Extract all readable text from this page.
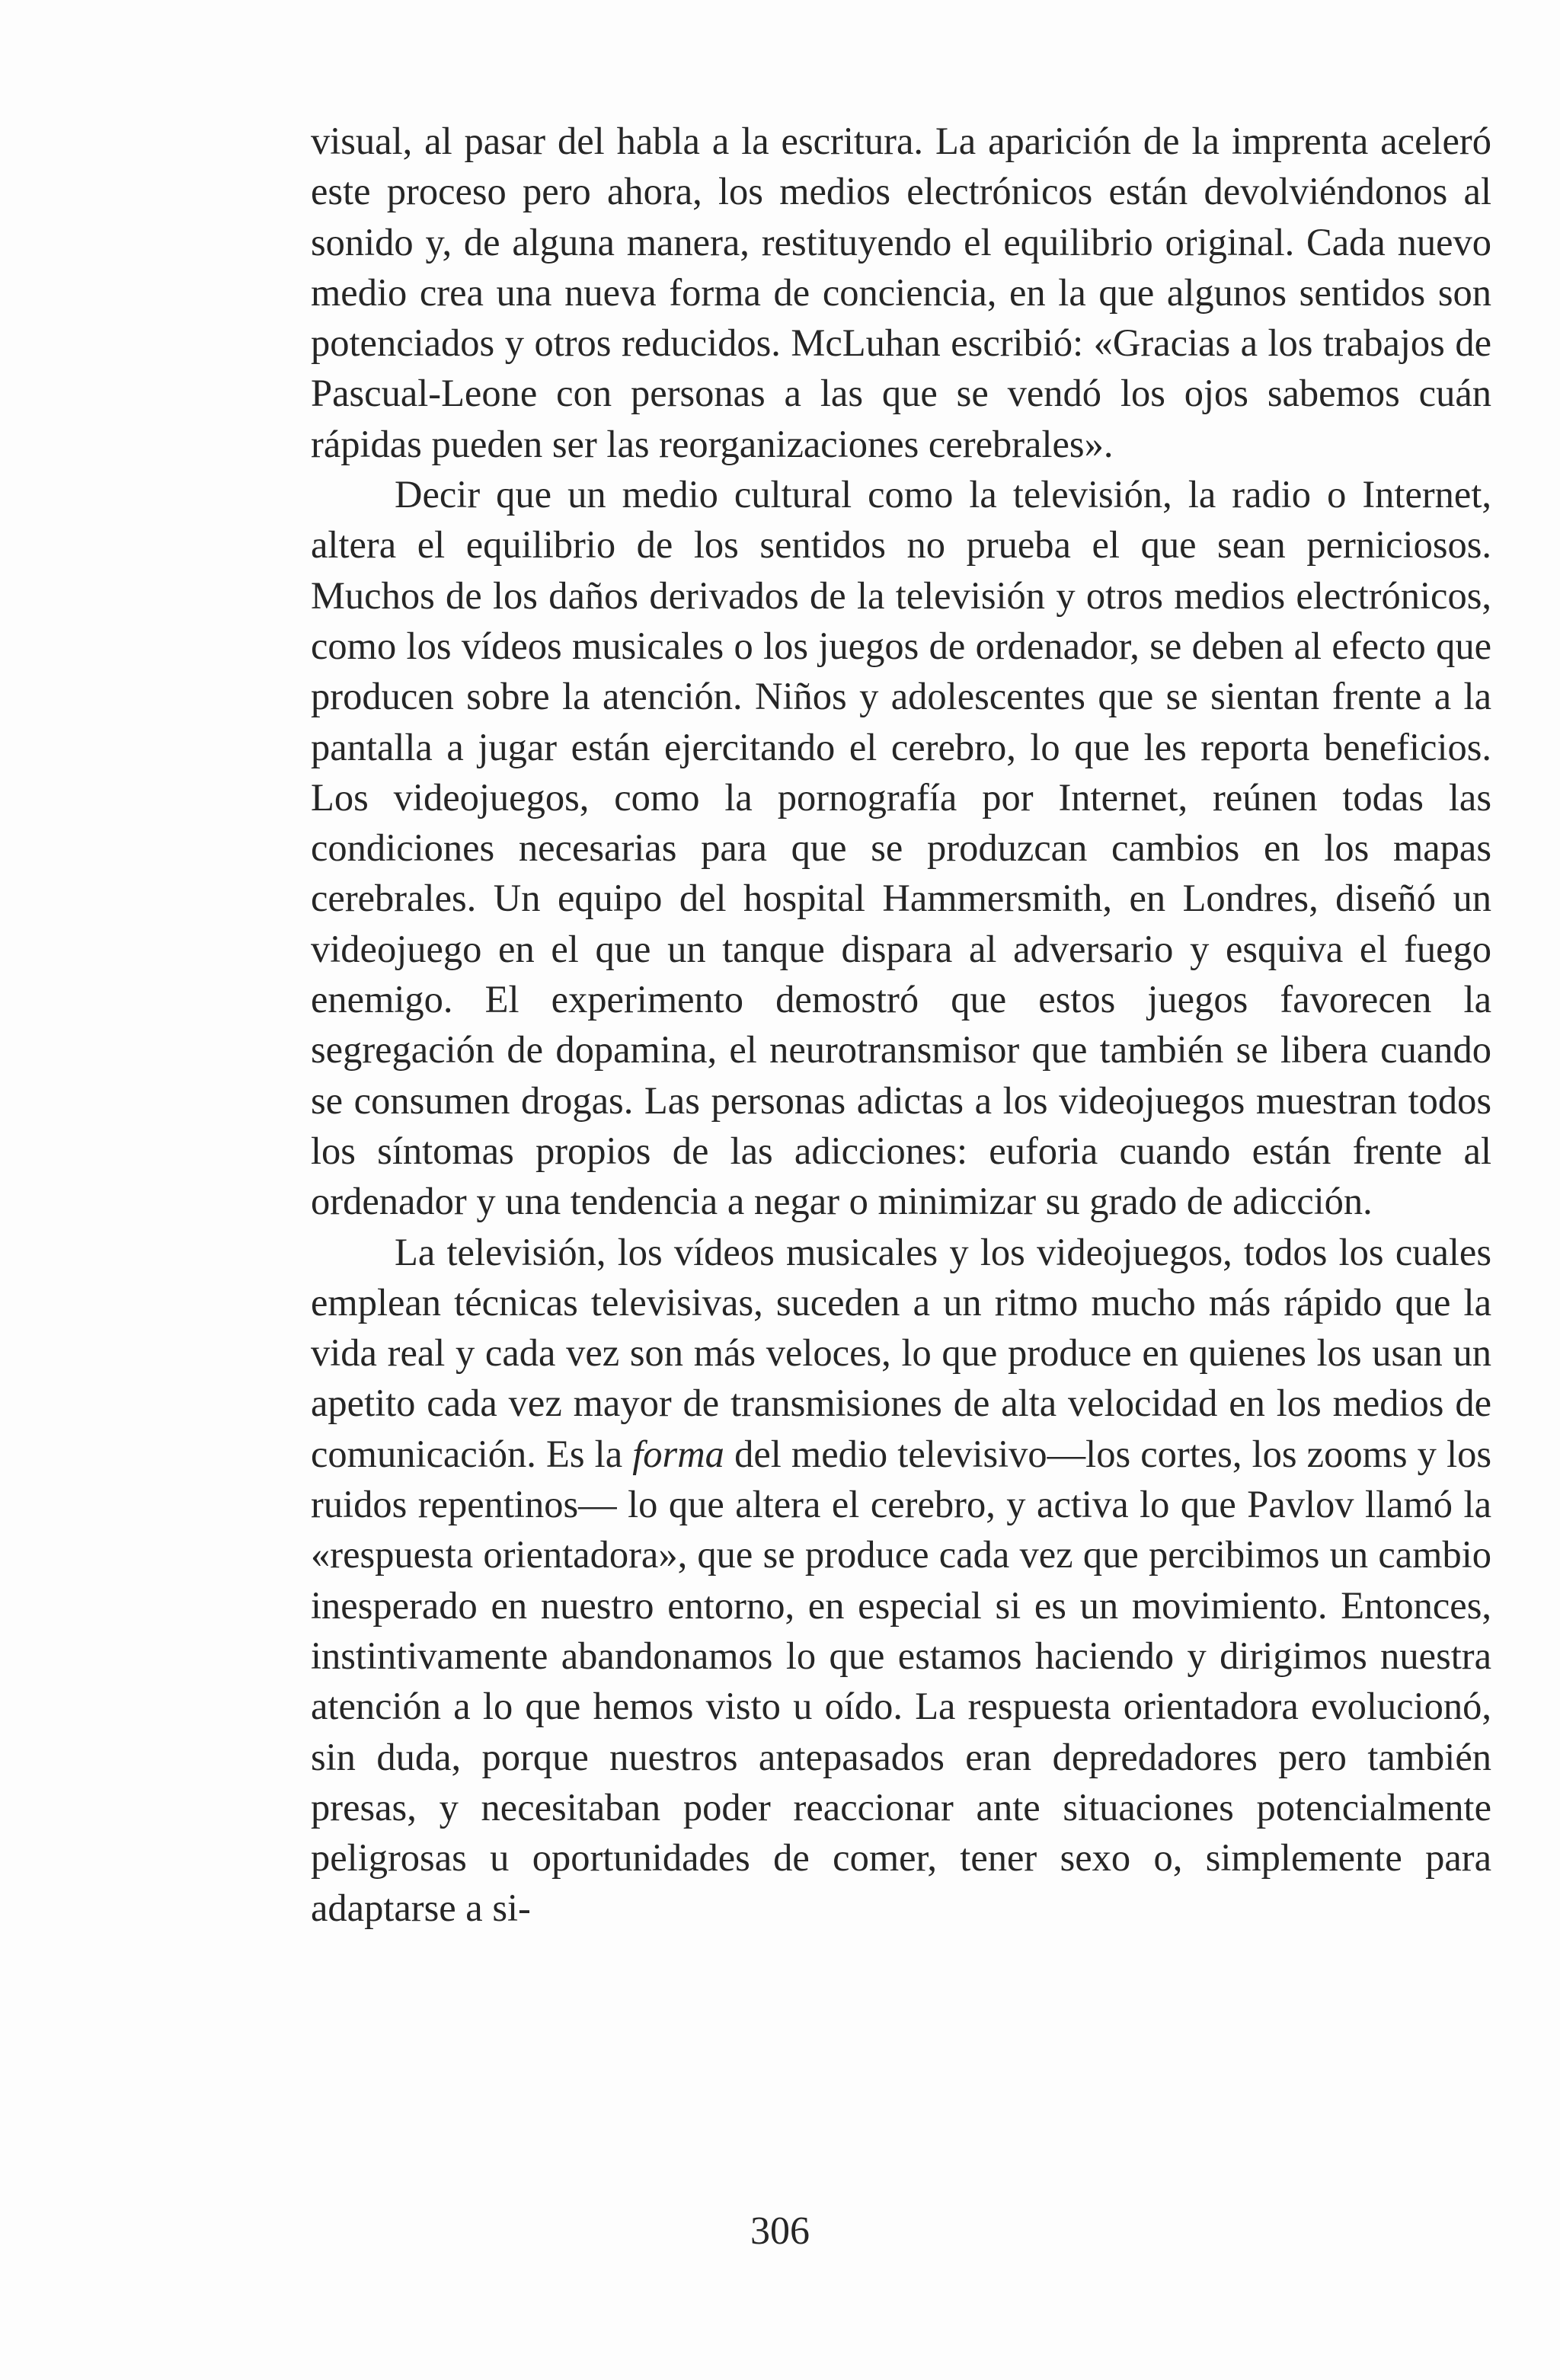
visual, al pasar del habla a la escritura. La aparición de la imprenta aceleró este proceso pero ahora, los medios electrónicos están devolviéndonos al sonido y, de alguna manera, restituyendo el equilibrio original. Cada nuevo medio crea una nueva forma de conciencia, en la que algunos sentidos son potenciados y otros reducidos. McLuhan escribió: «Gracias a los trabajos de Pascual-Leone con personas a las que se vendó los ojos sabemos cuán rápidas pueden ser las reorganizaciones cerebrales».

Decir que un medio cultural como la televisión, la radio o Internet, altera el equilibrio de los sentidos no prueba el que sean perniciosos. Muchos de los daños derivados de la televisión y otros medios electrónicos, como los vídeos musicales o los juegos de ordenador, se deben al efecto que producen sobre la atención. Niños y adolescentes que se sientan frente a la pantalla a jugar están ejercitando el cerebro, lo que les reporta beneficios. Los videojuegos, como la pornografía por Internet, reúnen todas las condiciones necesarias para que se produzcan cambios en los mapas cerebrales. Un equipo del hospital Hammersmith, en Londres, diseñó un videojuego en el que un tanque dispara al adversario y esquiva el fuego enemigo. El experimento demostró que estos juegos favorecen la segregación de dopamina, el neurotransmisor que también se libera cuando se consumen drogas. Las personas adictas a los videojuegos muestran todos los síntomas propios de las adicciones: euforia cuando están frente al ordenador y una tendencia a negar o minimizar su grado de adicción.

La televisión, los vídeos musicales y los videojuegos, todos los cuales emplean técnicas televisivas, suceden a un ritmo mucho más rápido que la vida real y cada vez son más veloces, lo que produce en quienes los usan un apetito cada vez mayor de transmisiones de alta velocidad en los medios de comunicación. Es la forma del medio televisivo—los cortes, los zooms y los ruidos repentinos— lo que altera el cerebro, y activa lo que Pavlov llamó la «respuesta orientadora», que se produce cada vez que percibimos un cambio inesperado en nuestro entorno, en especial si es un movimiento. Entonces, instintivamente abandonamos lo que estamos haciendo y dirigimos nuestra atención a lo que hemos visto u oído. La respuesta orientadora evolucionó, sin duda, porque nuestros antepasados eran depredadores pero también presas, y necesitaban poder reaccionar ante situaciones potencialmente peligrosas u oportunidades de comer, tener sexo o, simplemente para adaptarse a si-

306
